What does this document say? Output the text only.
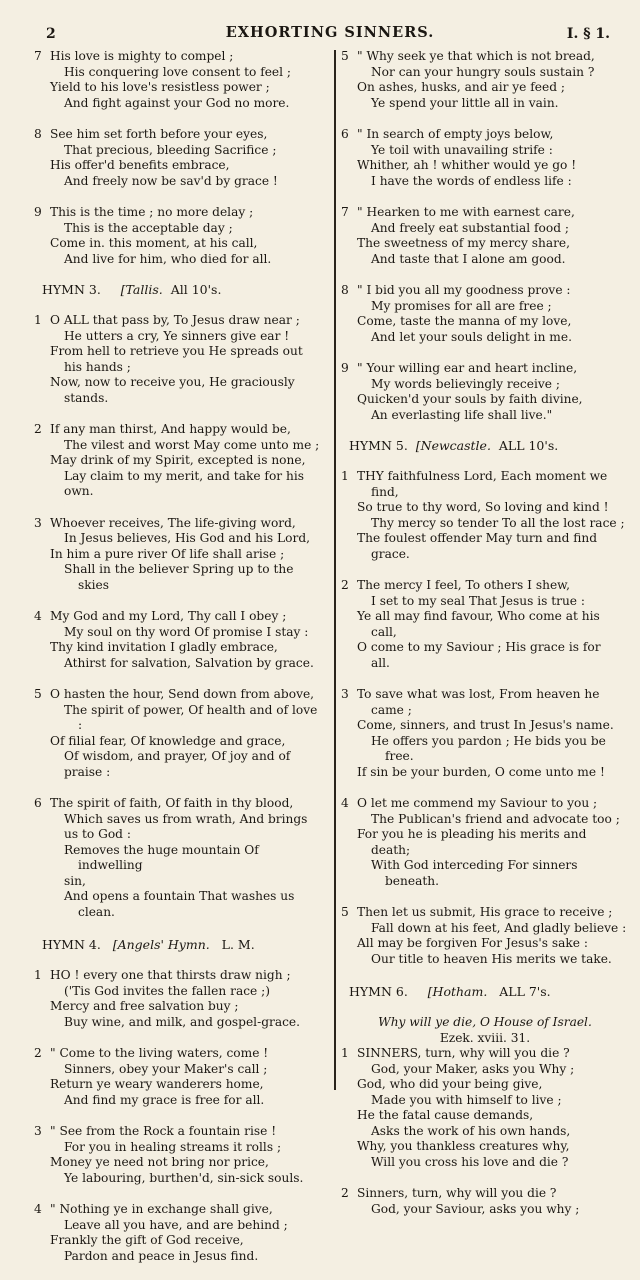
2	EXHORTING SINNERS.	I. § 1.
7 His love is mighty to compel ;

His conquering love consent to feel ;

Yield to his love's resistless power ;

And fight against your God no more.

8 See him set forth before your eyes,

That precious, bleeding Sacrifice ;

His offer'd benefits embrace,

And freely now be sav'd by grace !

9 This is the time ; no more delay ;

This is the acceptable day ;

Come in. this moment, at his call,

And live for him, who died for all.

HYMN 3. [Tallis. All 10's.
1 O ALL that pass by, To Jesus draw near ;

He utters a cry, Ye sinners give ear !

From hell to retrieve you He spreads out

his hands ;

Now, now to receive you, He graciously

stands.

2 If any man thirst, And happy would be,

The vilest and worst May come unto me ;

May drink of my Spirit, excepted is none,

Lay claim to my merit, and take for his

own.

3 Whoever receives, The life-giving word,

In Jesus believes, His God and his Lord,

In him a pure river Of life shall arise ;

Shall in the believer Spring up to the skies

4 My God and my Lord, Thy call I obey ;

My soul on thy word Of promise I stay :

Thy kind invitation I gladly embrace,

Athirst for salvation, Salvation by grace.

5 O hasten the hour, Send down from above,

The spirit of power, Of health and of love :

Of filial fear, Of knowledge and grace,

Of wisdom, and prayer, Of joy and of

praise :

6 The spirit of faith, Of faith in thy blood,

Which saves us from wrath, And brings

us to God :

Removes the huge mountain Of indwelling

sin,

And opens a fountain That washes us clean.

HYMN 4. [Angels' Hymn. L. M.
1 HO ! every one that thirsts draw nigh ;

('Tis God invites the fallen race ;)

Mercy and free salvation buy ;

Buy wine, and milk, and gospel-grace.

2 " Come to the living waters, come !

Sinners, obey your Maker's call ;

Return ye weary wanderers home,

And find my grace is free for all.

3 " See from the Rock a fountain rise !

For you in healing streams it rolls ;

Money ye need not bring nor price,

Ye labouring, burthen'd, sin-sick souls.

4 " Nothing ye in exchange shall give,

Leave all you have, and are behind ;

Frankly the gift of God receive,

Pardon and peace in Jesus find.

5 " Why seek ye that which is not bread,

Nor can your hungry souls sustain ?

On ashes, husks, and air ye feed ;

Ye spend your little all in vain.

6 " In search of empty joys below,

Ye toil with unavailing strife :

Whither, ah ! whither would ye go !

I have the words of endless life :

7 " Hearken to me with earnest care,

And freely eat substantial food ;

The sweetness of my mercy share,

And taste that I alone am good.

8 " I bid you all my goodness prove :

My promises for all are free ;

Come, taste the manna of my love,

And let your souls delight in me.

9 " Your willing ear and heart incline,

My words believingly receive ;

Quicken'd your souls by faith divine,

An everlasting life shall live."

HYMN 5. [Newcastle. ALL 10's.
1 THY faithfulness Lord, Each moment we

find,

So true to thy word, So loving and kind !

Thy mercy so tender To all the lost race ;

The foulest offender May turn and find

grace.

2 The mercy I feel, To others I shew,

I set to my seal That Jesus is true :

Ye all may find favour, Who come at his

call,

O come to my Saviour ; His grace is for

all.

3 To save what was lost, From heaven he

came ;

Come, sinners, and trust In Jesus's name.

He offers you pardon ; He bids you be free.

If sin be your burden, O come unto me !

4 O let me commend my Saviour to you ;

The Publican's friend and advocate too ;

For you he is pleading his merits and death;

With God interceding For sinners beneath.

5 Then let us submit, His grace to receive ;

Fall down at his feet, And gladly believe :

All may be forgiven For Jesus's sake :

Our title to heaven His merits we take.

HYMN 6. [Hotham. ALL 7's.

Why will ye die, O House of Israel.

Ezek. xviii. 31.

1 SINNERS, turn, why will you die ?

God, your Maker, asks you Why ;

God, who did your being give,

Made you with himself to live ;

He the fatal cause demands,

Asks the work of his own hands,

Why, you thankless creatures why,

Will you cross his love and die ?

2 Sinners, turn, why will you die ?

God, your Saviour, asks you why ;
